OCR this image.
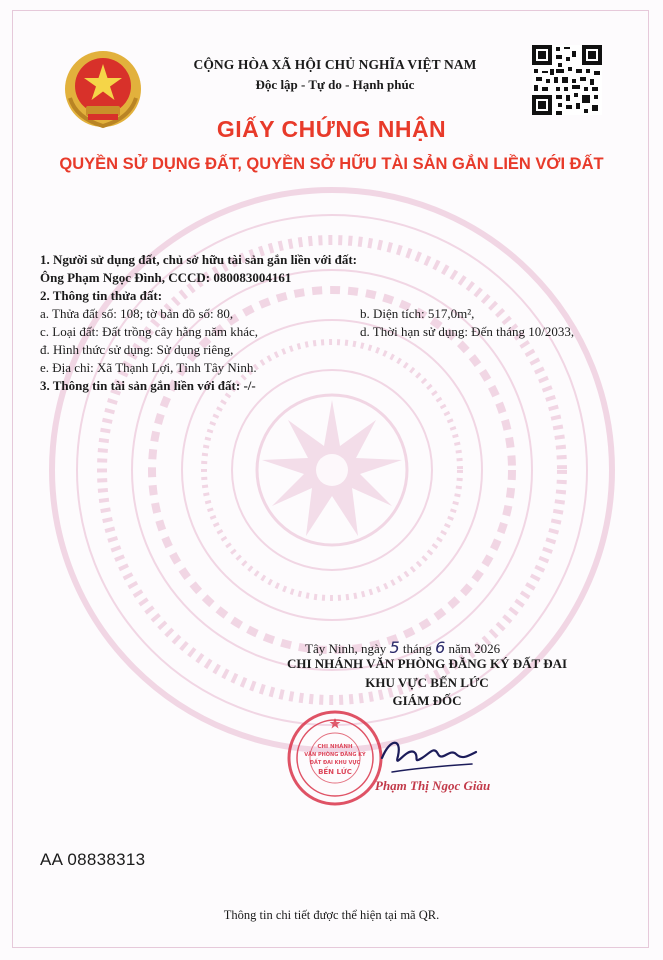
CỘNG HÒA XÃ HỘI CHỦ NGHĨA VIỆT NAM
Độc lập - Tự do - Hạnh phúc
GIẤY CHỨNG NHẬN
QUYỀN SỬ DỤNG ĐẤT, QUYỀN SỞ HỮU TÀI SẢN GẮN LIỀN VỚI ĐẤT
1. Người sử dụng đất, chủ sở hữu tài sản gắn liền với đất:
Ông Phạm Ngọc Đình, CCCD: 080083004161
2. Thông tin thửa đất:
a. Thửa đất số: 108; tờ bản đồ số: 80,	b. Diện tích: 517,0m²,
c. Loại đất: Đất trồng cây hằng năm khác,	d. Thời hạn sử dụng: Đến tháng 10/2033,
đ. Hình thức sử dụng: Sử dụng riêng,
e. Địa chỉ: Xã Thạnh Lợi, Tỉnh Tây Ninh.
3. Thông tin tài sản gắn liền với đất: -/-
Tây Ninh, ngày 5 tháng 6 năm 2026
CHI NHÁNH VĂN PHÒNG ĐĂNG KÝ ĐẤT ĐAI
KHU VỰC BẾN LỨC
GIÁM ĐỐC
CHI NHÁNH
VĂN PHÒNG ĐĂNG KÝ
ĐẤT ĐAI KHU VỰC
BẾN LỨC
Phạm Thị Ngọc Giàu
AA 08838313
Thông tin chi tiết được thể hiện tại mã QR.
